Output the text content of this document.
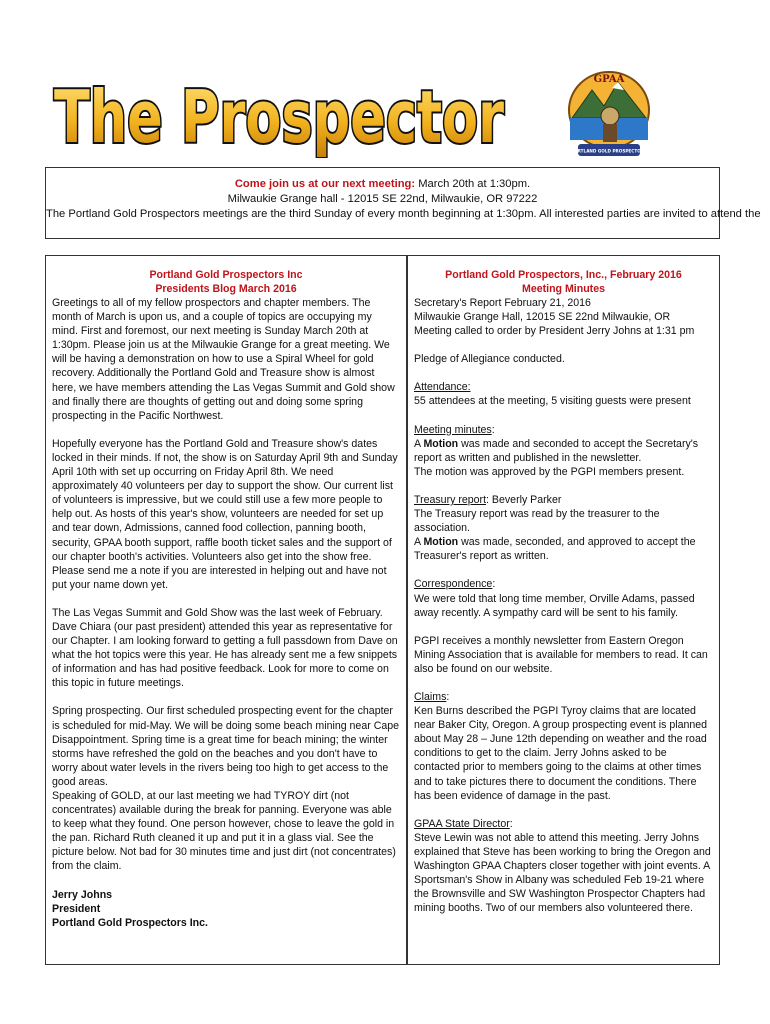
The Prospector	GPAA
PORTLAND GOLD PROSPECTORS
Come join us at our next meeting: March 20th at 1:30pm.
Milwaukie Grange hall - 12015 SE 22nd, Milwaukie, OR 97222
The Portland Gold Prospectors meetings are the third Sunday of every month beginning at 1:30pm. All interested parties are invited to attend the
Portland Gold Prospectors Inc
Presidents Blog March 2016

Greetings to all of my fellow prospectors and chapter members. The month of March is upon us, and a couple of topics are occupying my mind. First and foremost, our next meeting is Sunday March 20th at 1:30pm. Please join us at the Milwaukie Grange for a great meeting. We will be having a demonstration on how to use a Spiral Wheel for gold recovery. Additionally the Portland Gold and Treasure show is almost here, we have members attending the Las Vegas Summit and Gold show and finally there are thoughts of getting out and doing some spring prospecting in the Pacific Northwest.

Hopefully everyone has the Portland Gold and Treasure show's dates locked in their minds. If not, the show is on Saturday April 9th and Sunday April 10th with set up occurring on Friday April 8th. We need approximately 40 volunteers per day to support the show. Our current list of volunteers is impressive, but we could still use a few more people to help out. As hosts of this year's show, volunteers are needed for set up and tear down, Admissions, canned food collection, panning booth, security, GPAA booth support, raffle booth ticket sales and the support of our chapter booth's activities. Volunteers also get into the show free. Please send me a note if you are interested in helping out and have not put your name down yet.

The Las Vegas Summit and Gold Show was the last week of February. Dave Chiara (our past president) attended this year as representative for our Chapter. I am looking forward to getting a full passdown from Dave on what the hot topics were this year. He has already sent me a few snippets of information and has had positive feedback. Look for more to come on this topic in future meetings.

Spring prospecting. Our first scheduled prospecting event for the chapter is scheduled for mid-May. We will be doing some beach mining near Cape Disappointment. Spring time is a great time for beach mining; the winter storms have refreshed the gold on the beaches and you don't have to worry about water levels in the rivers being too high to get access to the good areas.

Speaking of GOLD, at our last meeting we had TYROY dirt (not concentrates) available during the break for panning. Everyone was able to keep what they found. One person however, chose to leave the gold in the pan. Richard Ruth cleaned it up and put it in a glass vial. See the picture below. Not bad for 30 minutes time and just dirt (not concentrates) from the claim.

Jerry Johns

President

Portland Gold Prospectors Inc.

Portland Gold Prospectors, Inc., February 2016
Meeting Minutes

Secretary's Report February 21, 2016

Milwaukie Grange Hall, 12015 SE 22nd Milwaukie, OR

Meeting called to order by President Jerry Johns at 1:31 pm

Pledge of Allegiance conducted.

Attendance:

55 attendees at the meeting, 5 visiting guests were present

Meeting minutes:

A Motion was made and seconded to accept the Secretary's report as written and published in the newsletter.

The motion was approved by the PGPI members present.

Treasury report: Beverly Parker

The Treasury report was read by the treasurer to the association.

A Motion was made, seconded, and approved to accept the Treasurer's report as written.

Correspondence:

We were told that long time member, Orville Adams, passed away recently. A sympathy card will be sent to his family.

PGPI receives a monthly newsletter from Eastern Oregon Mining Association that is available for members to read. It can also be found on our website.

Claims:

Ken Burns described the PGPI Tyroy claims that are located near Baker City, Oregon. A group prospecting event is planned about May 28 – June 12th depending on weather and the road conditions to get to the claim. Jerry Johns asked to be contacted prior to members going to the claims at other times and to take pictures there to document the conditions. There has been evidence of damage in the past.

GPAA State Director:

Steve Lewin was not able to attend this meeting. Jerry Johns explained that Steve has been working to bring the Oregon and Washington GPAA Chapters closer together with joint events. A Sportsman's Show in Albany was scheduled Feb 19-21 where the Brownsville and SW Washington Prospector Chapters had mining booths. Two of our members also volunteered there.
